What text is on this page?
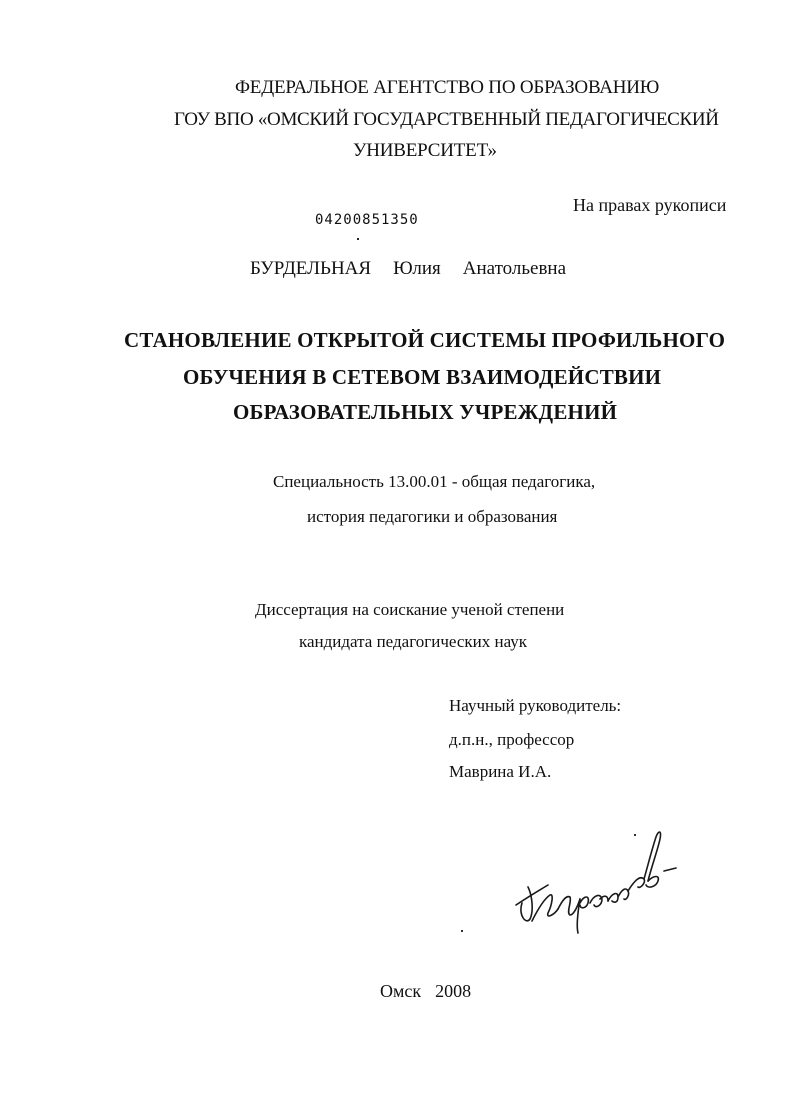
ФЕДЕРАЛЬНОЕ АГЕНТСТВО ПО ОБРАЗОВАНИЮ
ГОУ ВПО «ОМСКИЙ ГОСУДАРСТВЕННЫЙ ПЕДАГОГИЧЕСКИЙ
УНИВЕРСИТЕТ»
На правах рукописи
04200851350
БУРДЕЛЬНАЯ Юлия Анатольевна
СТАНОВЛЕНИЕ ОТКРЫТОЙ СИСТЕМЫ ПРОФИЛЬНОГО
ОБУЧЕНИЯ В СЕТЕВОМ ВЗАИМОДЕЙСТВИИ
ОБРАЗОВАТЕЛЬНЫХ УЧРЕЖДЕНИЙ
Специальность 13.00.01 - общая педагогика,
история педагогики и образования
Диссертация на соискание ученой степени
кандидата педагогических наук
Научный руководитель:
д.п.н., профессор
Маврина И.А.
Омск 2008
